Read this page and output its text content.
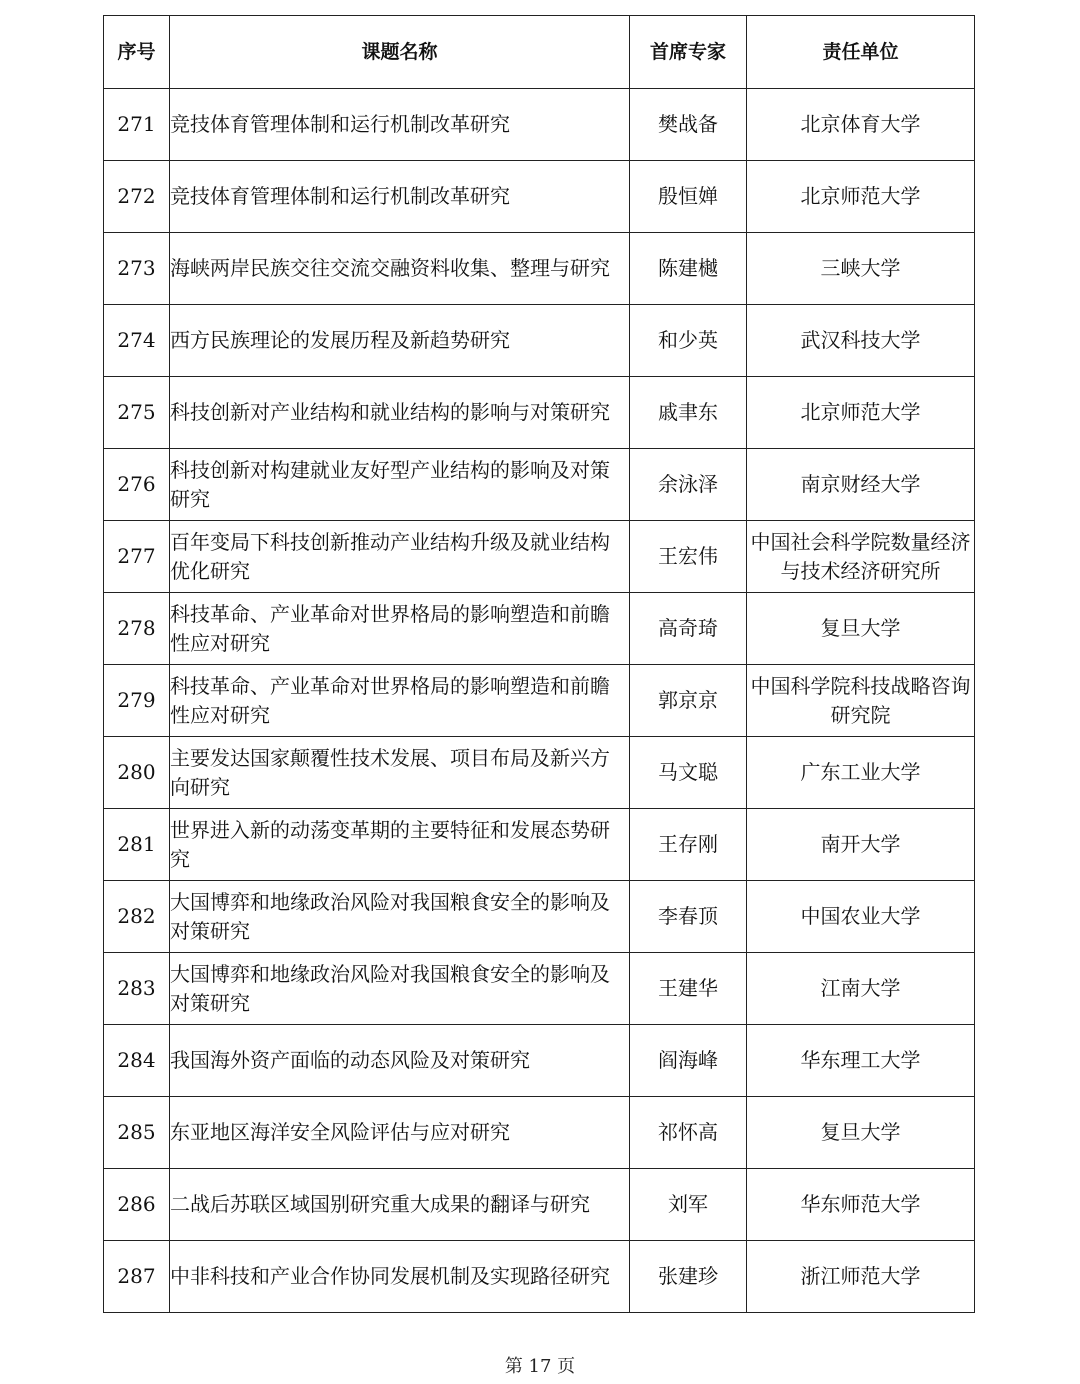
序号	课题名称	首席专家	责任单位
271	竞技体育管理体制和运行机制改革研究	樊战备	北京体育大学
272	竞技体育管理体制和运行机制改革研究	殷恒婵	北京师范大学
273	海峡两岸民族交往交流交融资料收集、整理与研究	陈建樾	三峡大学
274	西方民族理论的发展历程及新趋势研究	和少英	武汉科技大学
275	科技创新对产业结构和就业结构的影响与对策研究	戚聿东	北京师范大学
276	科技创新对构建就业友好型产业结构的影响及对策研究	余泳泽	南京财经大学
277	百年变局下科技创新推动产业结构升级及就业结构优化研究	王宏伟	中国社会科学院数量经济与技术经济研究所
278	科技革命、产业革命对世界格局的影响塑造和前瞻性应对研究	高奇琦	复旦大学
279	科技革命、产业革命对世界格局的影响塑造和前瞻性应对研究	郭京京	中国科学院科技战略咨询研究院
280	主要发达国家颠覆性技术发展、项目布局及新兴方向研究	马文聪	广东工业大学
281	世界进入新的动荡变革期的主要特征和发展态势研究	王存刚	南开大学
282	大国博弈和地缘政治风险对我国粮食安全的影响及对策研究	李春顶	中国农业大学
283	大国博弈和地缘政治风险对我国粮食安全的影响及对策研究	王建华	江南大学
284	我国海外资产面临的动态风险及对策研究	阎海峰	华东理工大学
285	东亚地区海洋安全风险评估与应对研究	祁怀高	复旦大学
286	二战后苏联区域国别研究重大成果的翻译与研究	刘军	华东师范大学
287	中非科技和产业合作协同发展机制及实现路径研究	张建珍	浙江师范大学
第 17 页
